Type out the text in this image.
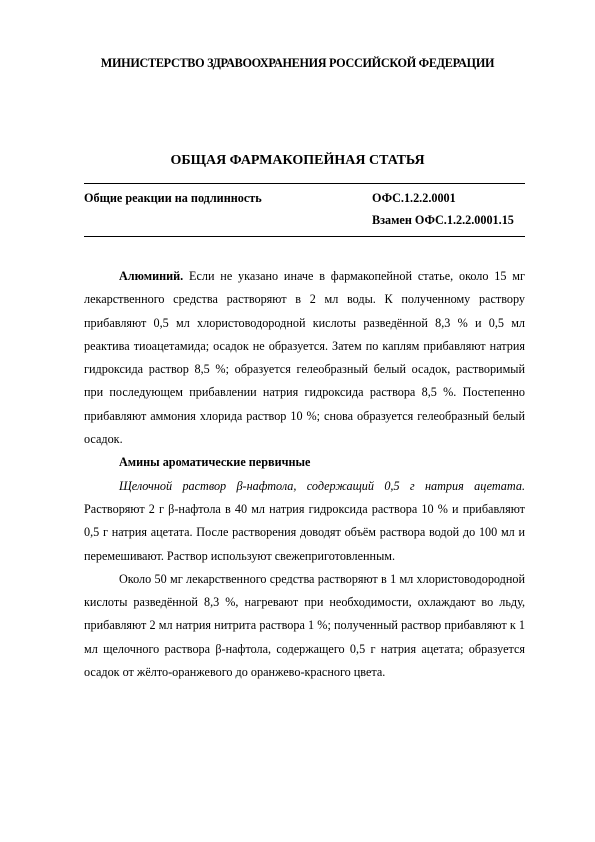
МИНИСТЕРСТВО ЗДРАВООХРАНЕНИЯ РОССИЙСКОЙ ФЕДЕРАЦИИ
ОБЩАЯ ФАРМАКОПЕЙНАЯ СТАТЬЯ
Общие реакции на подлинность	ОФС.1.2.2.0001
Взамен ОФС.1.2.2.0001.15

Алюминий. Если не указано иначе в фармакопейной статье, около 15 мг лекарственного средства растворяют в 2 мл воды. К полученному раствору прибавляют 0,5 мл хлористоводородной кислоты разведённой 8,3 % и 0,5 мл реактива тиоацетамида; осадок не образуется. Затем по каплям прибавляют натрия гидроксида раствор 8,5 %; образуется гелеобразный белый осадок, растворимый при последующем прибавлении натрия гидроксида раствора 8,5 %. Постепенно прибавляют аммония хлорида раствор 10 %; снова образуется гелеобразный белый осадок.

Амины ароматические первичные

Щелочной раствор β-нафтола, содержащий 0,5 г натрия ацетата. Растворяют 2 г β-нафтола в 40 мл натрия гидроксида раствора 10 % и прибавляют 0,5 г натрия ацетата. После растворения доводят объём раствора водой до 100 мл и перемешивают. Раствор используют свежеприготовленным.

Около 50 мг лекарственного средства растворяют в 1 мл хлористоводородной кислоты разведённой 8,3 %, нагревают при необходимости, охлаждают во льду, прибавляют 2 мл натрия нитрита раствора 1 %; полученный раствор прибавляют к 1 мл щелочного раствора β-нафтола, содержащего 0,5 г натрия ацетата; образуется осадок от жёлто-оранжевого до оранжево-красного цвета.
